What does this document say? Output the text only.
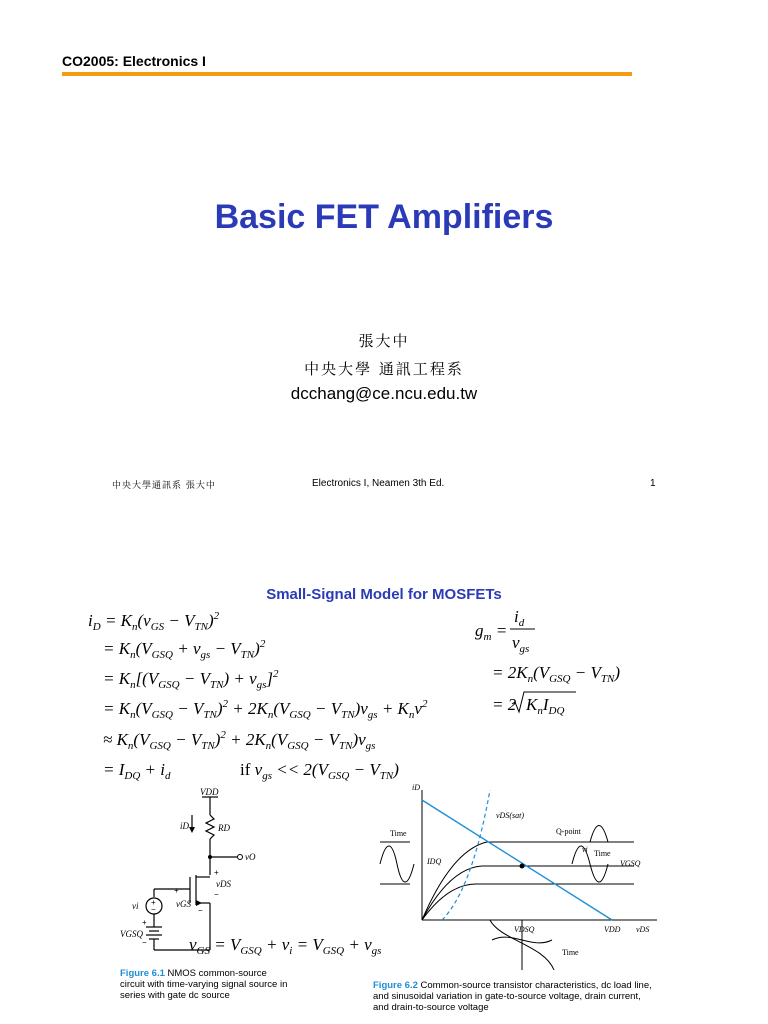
CO2005: Electronics I
Basic FET Amplifiers
張大中
中央大學 通訊工程系
dcchang@ce.ncu.edu.tw
中央大學通訊系 張大中	Electronics I, Neamen 3th Ed.	1
Small-Signal Model for MOSFETs
$i_D = K_n(v_{GS} - V_{TN})^2$
= $K_n(V_{GSQ} + v_{gs} - V_{TN})^2$
= $K_n[(V_{GSQ} - V_{TN}) + v_{gs}]^2$
= $K_n(V_{GSQ} - V_{TN})^2 + 2K_n(V_{GSQ} - V_{TN})v_{gs} + K_nv^2$
≈ $K_n(V_{GSQ} - V_{TN})^2 + 2K_n(V_{GSQ} - V_{TN})v_{gs}$
= $I_{DQ} + i_d$	if $v_{gs} << 2(V_{GSQ} - V_{TN})$
$g_m$ =
$i_d$
$v_{gs}$
= $2K_n(V_{GSQ} - V_{TN})$
= 2 $K_nI_{DQ}$
VDD
iD	RD
vO
vDS
vGS
vi
VGSQ
+
−
+
−
+
−
+
− $v_{GS} = V_{GSQ} + v_i = V_{GSQ} + v_{gs}$
iD
vDS(sat)
Q-point
Time
Time
Time
IDQ	VGSQ
vi
VDSQ	VDD vDS
Figure 6.1 NMOS common-source circuit with time-varying signal source in series with gate dc source
Figure 6.2 Common-source transistor characteristics, dc load line, and sinusoidal variation in gate-to-source voltage, drain current, and drain-to-source voltage
